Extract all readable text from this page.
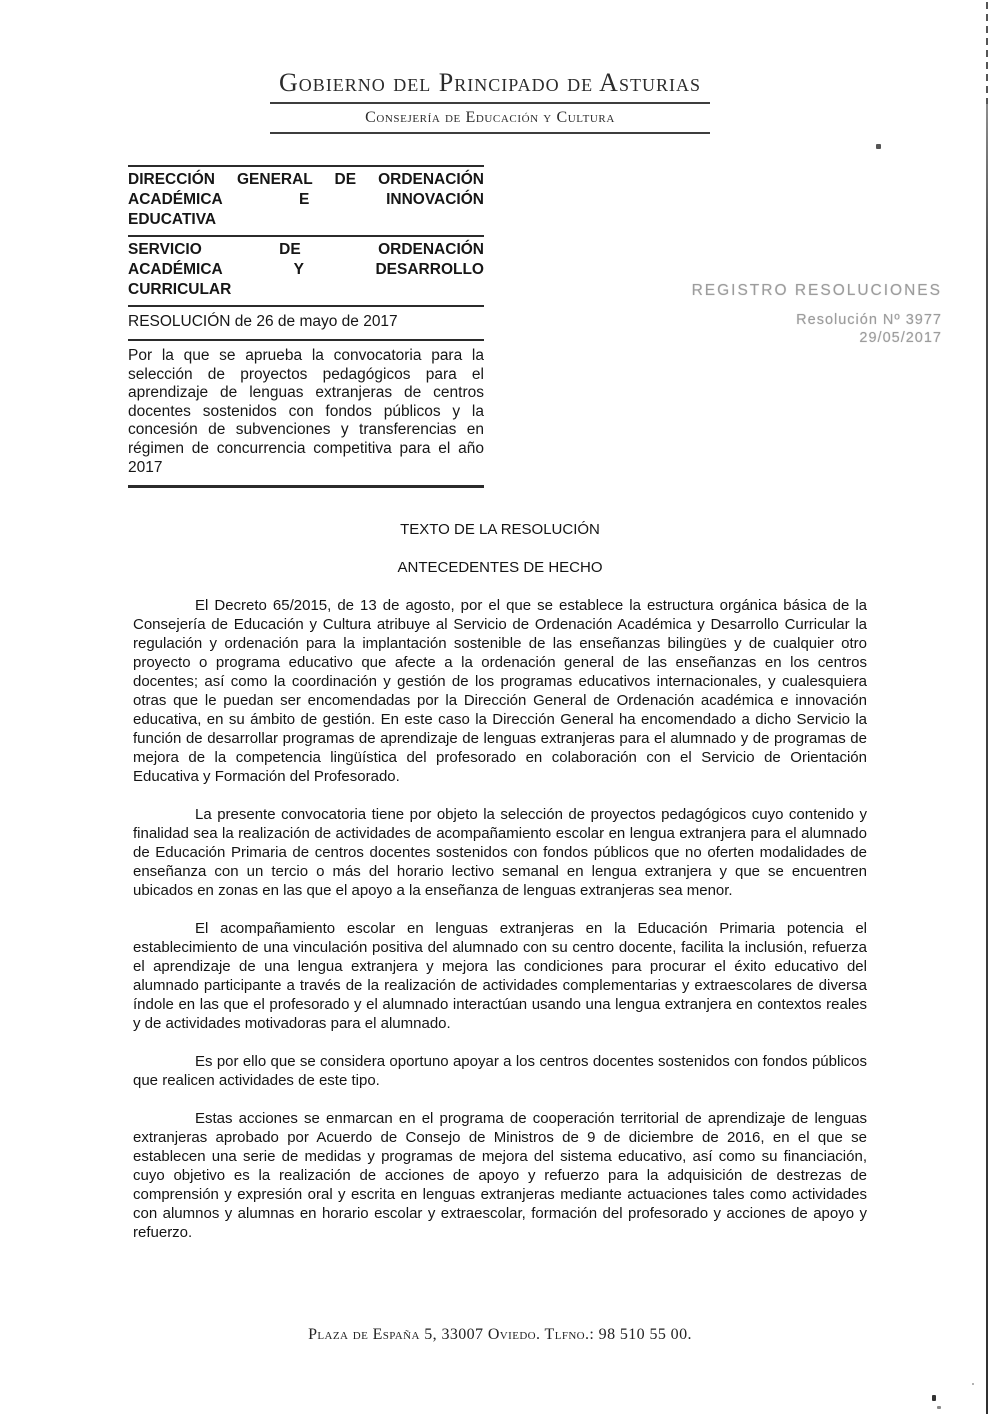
Gobierno del Principado de Asturias
Consejería de Educación y Cultura
DIRECCIÓN GENERAL DE ORDENACIÓN
ACADÉMICA E INNOVACIÓN
EDUCATIVA
SERVICIO DE ORDENACIÓN
ACADÉMICA Y DESARROLLO
CURRICULAR
RESOLUCIÓN de 26 de mayo de 2017
Por la que se aprueba la convocatoria para la selección de proyectos pedagógicos para el aprendizaje de lenguas extranjeras de centros docentes sostenidos con fondos públicos y la concesión de subvenciones y transferencias en régimen de concurrencia competitiva para el año 2017
REGISTRO RESOLUCIONES
Resolución Nº 3977
29/05/2017
TEXTO DE LA RESOLUCIÓN
ANTECEDENTES DE HECHO

El Decreto 65/2015, de 13 de agosto, por el que se establece la estructura orgánica básica de la Consejería de Educación y Cultura atribuye al Servicio de Ordenación Académica y Desarrollo Curricular la regulación y ordenación para la implantación sostenible de las enseñanzas bilingües y de cualquier otro proyecto o programa educativo que afecte a la ordenación general de las enseñanzas en los centros docentes; así como la coordinación y gestión de los programas educativos internacionales, y cualesquiera otras que le puedan ser encomendadas por la Dirección General de Ordenación académica e innovación educativa, en su ámbito de gestión. En este caso la Dirección General ha encomendado a dicho Servicio la función de desarrollar programas de aprendizaje de lenguas extranjeras para el alumnado y de programas de mejora de la competencia lingüística del profesorado en colaboración con el Servicio de Orientación Educativa y Formación del Profesorado.

La presente convocatoria tiene por objeto la selección de proyectos pedagógicos cuyo contenido y finalidad sea la realización de actividades de acompañamiento escolar en lengua extranjera para el alumnado de Educación Primaria de centros docentes sostenidos con fondos públicos que no oferten modalidades de enseñanza con un tercio o más del horario lectivo semanal en lengua extranjera y que se encuentren ubicados en zonas en las que el apoyo a la enseñanza de lenguas extranjeras sea menor.

El acompañamiento escolar en lenguas extranjeras en la Educación Primaria potencia el establecimiento de una vinculación positiva del alumnado con su centro docente, facilita la inclusión, refuerza el aprendizaje de una lengua extranjera y mejora las condiciones para procurar el éxito educativo del alumnado participante a través de la realización de actividades complementarias y extraescolares de diversa índole en las que el profesorado y el alumnado interactúan usando una lengua extranjera en contextos reales y de actividades motivadoras para el alumnado.

Es por ello que se considera oportuno apoyar a los centros docentes sostenidos con fondos públicos que realicen actividades de este tipo.

Estas acciones se enmarcan en el programa de cooperación territorial de aprendizaje de lenguas extranjeras aprobado por Acuerdo de Consejo de Ministros de 9 de diciembre de 2016, en el que se establecen una serie de medidas y programas de mejora del sistema educativo, así como su financiación, cuyo objetivo es la realización de acciones de apoyo y refuerzo para la adquisición de destrezas de comprensión y expresión oral y escrita en lenguas extranjeras mediante actuaciones tales como actividades con alumnos y alumnas en horario escolar y extraescolar, formación del profesorado y acciones de apoyo y refuerzo.

Plaza de España 5, 33007 Oviedo. Tlfno.: 98 510 55 00.
